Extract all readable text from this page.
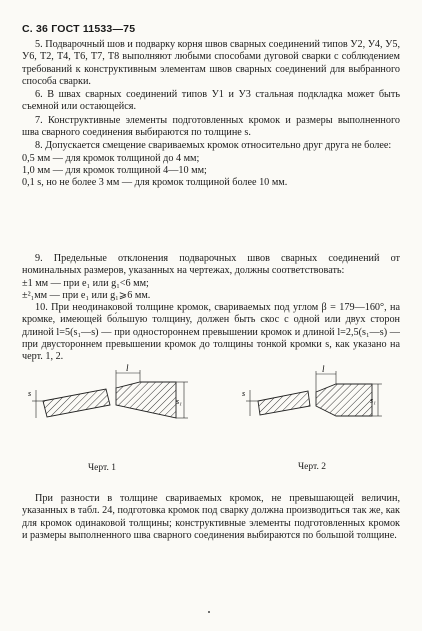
С. 36 ГОСТ 11533—75

5. Подварочный шов и подварку корня швов сварных соединений типов У2, У4, У5, У6, Т2, Т4, Т6, Т7, Т8 выполняют любыми способами дуговой сварки с соблюдением требований к конструктивным элементам швов сварных соединений для выбранного способа сварки.

6. В швах сварных соединений типов У1 и У3 стальная подкладка может быть съемной или остающейся.

7. Конструктивные элементы подготовленных кромок и размеры выполненного шва сварного соединения выбираются по толщине s.

8. Допускается смещение свариваемых кромок относительно друг друга не более:

0,5 мм — для кромок толщиной до 4 мм;

1,0 мм — для кромок толщиной 4—10 мм;

0,1 s, но не более 3 мм — для кромок толщиной более 10 мм.

9. Предельные отклонения подварочных швов сварных соединений от номинальных размеров, указанных на чертежах, должны соответствовать:

±1 мм — при e₁ или g₁<6 мм;

±²₁мм — при e₁ или g₁⩾6 мм.

10. При неодинаковой толщине кромок, свариваемых под углом β = 179—160°, на кромке, имеющей бо́льшую толщину, должен быть скос с одной или двух сторон длиной l=5(s₁—s) — при одностороннем превышении кромок и длиной l=2,5(s₁—s) — при двустороннем превышении кромок до толщины тонкой кромки s, как указано на черт. 1, 2.

l
s₁
s
Черт. 1
l
s₁
s
Черт. 2

При разности в толщине свариваемых кромок, не превышающей величин, указанных в табл. 24, подготовка кромок под сварку должна производиться так же, как для кромок одинаковой толщины; конструктивные элементы подготовленных кромок и размеры выполненного шва сварного соединения выбираются по большой толщине.
